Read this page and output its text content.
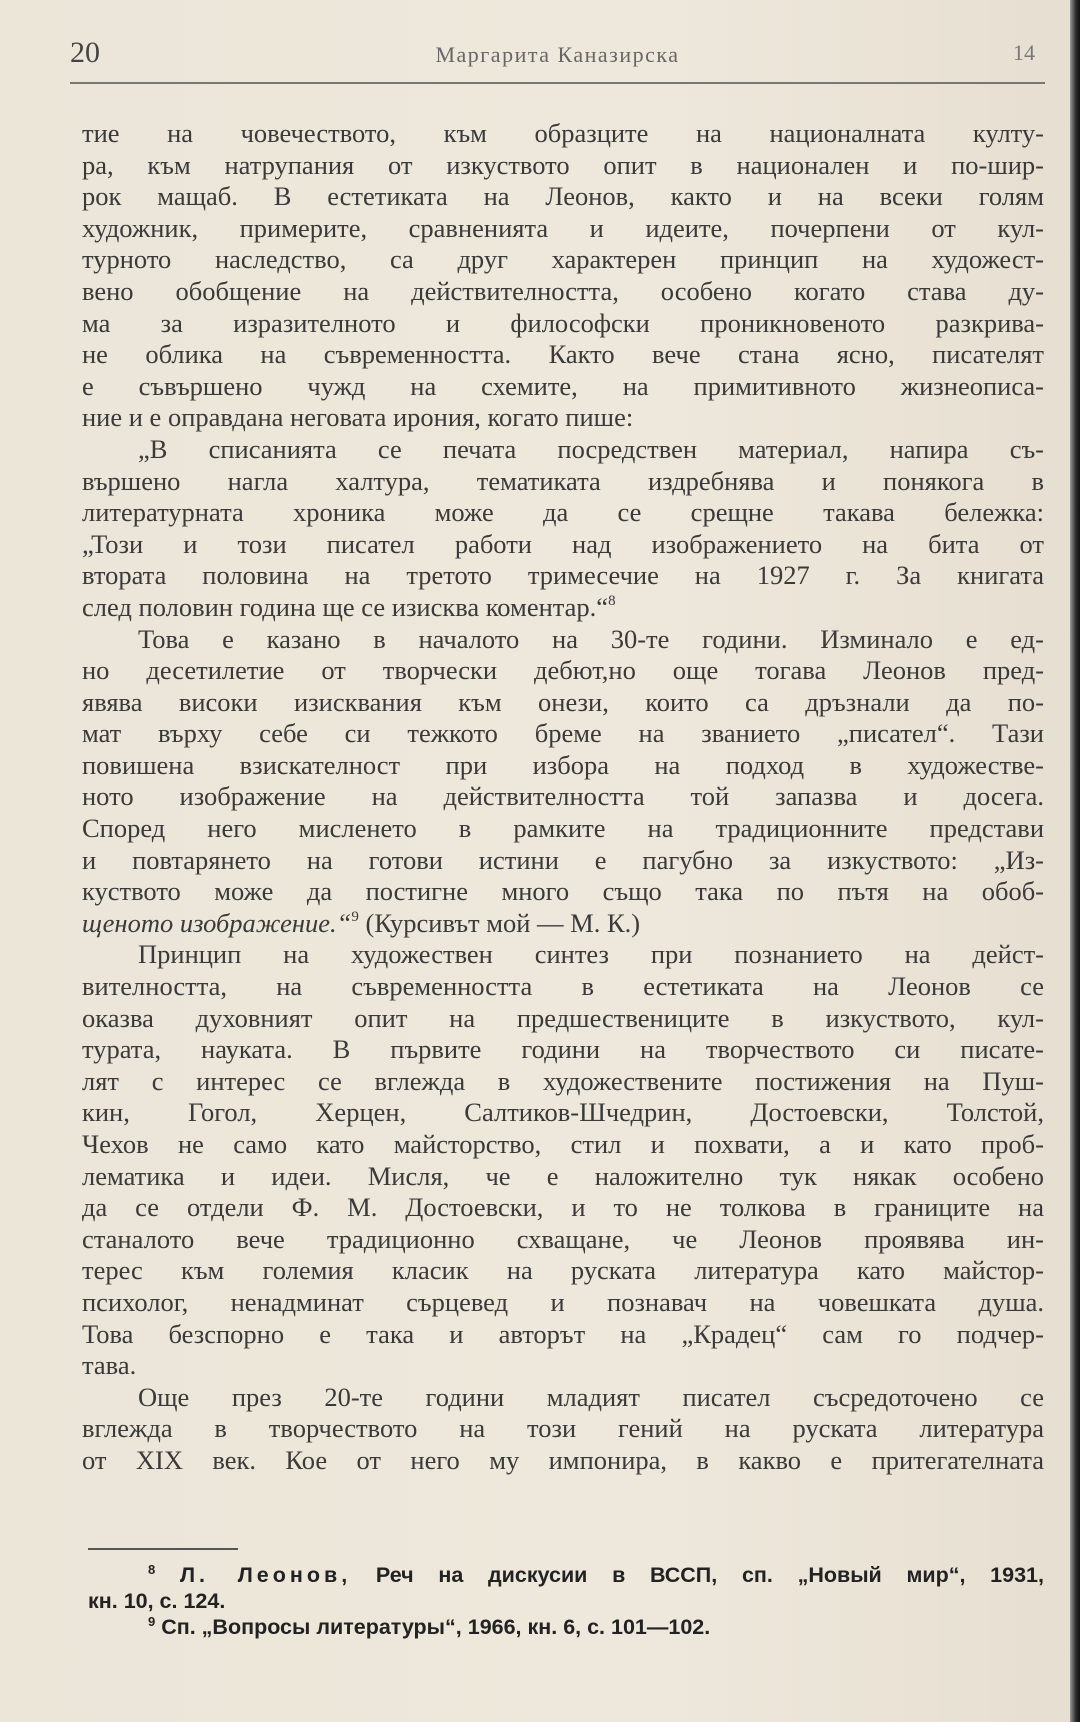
20	Маргарита Каназирска	14
тие на човечеството, към образците на националната култу-
ра, към натрупания от изкуството опит в национален и по-шир-
рок мащаб. В естетиката на Леонов, както и на всеки голям
художник, примерите, сравненията и идеите, почерпени от кул-
турното наследство, са друг характерен принцип на художест-
вено обобщение на действителността, особено когато става ду-
ма за изразителното и философски проникновеното разкрива-
не облика на съвременността. Както вече стана ясно, писателят
е съвършено чужд на схемите, на примитивното жизнеописа-
ние и е оправдана неговата ирония, когато пише:
„В списанията се печата посредствен материал, напира съ-
вършено нагла халтура, тематиката издребнява и понякога в
литературната хроника може да се срещне такава бележка:
„Този и този писател работи над изображението на бита от
втората половина на третото тримесечие на 1927 г. За книгата
след половин година ще се изисква коментар.“$^8$
Това е казано в началото на 30-те години. Изминало е ед-
но десетилетие от творчески дебют,но още тогава Леонов пред-
явява високи изисквания към онези, които са дръзнали да по-
мат върху себе си тежкото бреме на званието „писател“. Тази
повишена взискателност при избора на подход в художестве-
ното изображение на действителността той запазва и досега.
Според него мисленето в рамките на традиционните представи
и повтарянето на готови истини е пагубно за изкуството: „Из-
куството може да постигне много също така по пътя на обоб-
щеното изображение.“$^9$ (Курсивът мой — М. К.)
Принцип на художествен синтез при познанието на дейст-
вителността, на съвременността в естетиката на Леонов се
оказва духовният опит на предшествениците в изкуството, кул-
турата, науката. В първите години на творчеството си писате-
лят с интерес се вглежда в художествените постижения на Пуш-
кин, Гогол, Херцен, Салтиков-Шчедрин, Достоевски, Толстой,
Чехов не само като майсторство, стил и похвати, а и като проб-
лематика и идеи. Мисля, че е наложително тук някак особено
да се отдели Ф. М. Достоевски, и то не толкова в границите на
станалото вече традиционно схващане, че Леонов проявява ин-
терес към големия класик на руската литература като майстор-
психолог, ненадминат сърцевед и познавач на човешката душа.
Това безспорно е така и авторът на „Крадец“ сам го подчер-
тава.
Още през 20-те години младият писател съсредоточено се
вглежда в творчеството на този гений на руската литература
от XIX век. Кое от него му импонира, в какво е притегателната
$^8$ Л. Леонов, Реч на дискусии в ВССП, сп. „Новый мир“, 1931,
кн. 10, с. 124.
$^9$ Сп. „Вопросы литературы“, 1966, кн. 6, с. 101—102.
